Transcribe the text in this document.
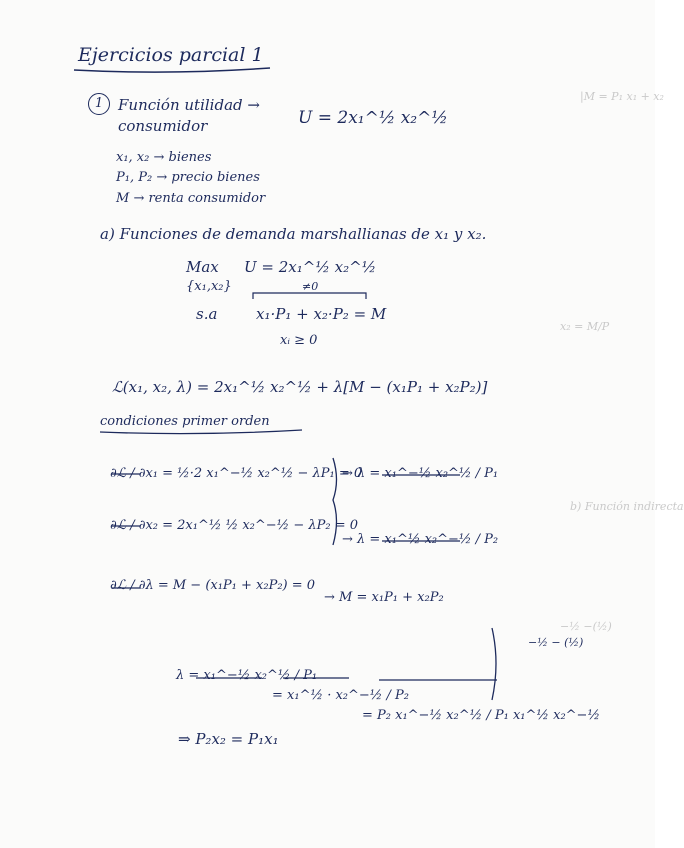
|M = P₁ x₁ + x₂
x₂ = M/P
b) Función indirecta
−½ −(½)
Ejercicios parcial 1
1 Función utilidad →
consumidor	U = 2x₁^½ x₂^½
x₁, x₂ → bienes
P₁, P₂ → precio bienes
M → renta consumidor
a) Funciones de demanda marshallianas de x₁ y x₂.
Max
{x₁,x₂}
U = 2x₁^½ x₂^½
≠0
s.a	x₁·P₁ + x₂·P₂ = M
xᵢ ≥ 0
ℒ(x₁, x₂, λ) = 2x₁^½ x₂^½ + λ[M − (x₁P₁ + x₂P₂)]
condiciones primer orden
∂ℒ / ∂x₁ = ½·2 x₁^−½ x₂^½ − λP₁ = 0
→ λ = x₁^−½ x₂^½ / P₁
∂ℒ / ∂x₂ = 2x₁^½ ½ x₂^−½ − λP₂ = 0
→ λ = x₁^½ x₂^−½ / P₂
∂ℒ / ∂λ = M − (x₁P₁ + x₂P₂) = 0
→ M = x₁P₁ + x₂P₂
λ = x₁^−½ x₂^½ / P₁
= x₁^½ · x₂^−½ / P₂
= P₂ x₁^−½ x₂^½ / P₁ x₁^½ x₂^−½
−½ − (½)
⇒ P₂x₂ = P₁x₁
